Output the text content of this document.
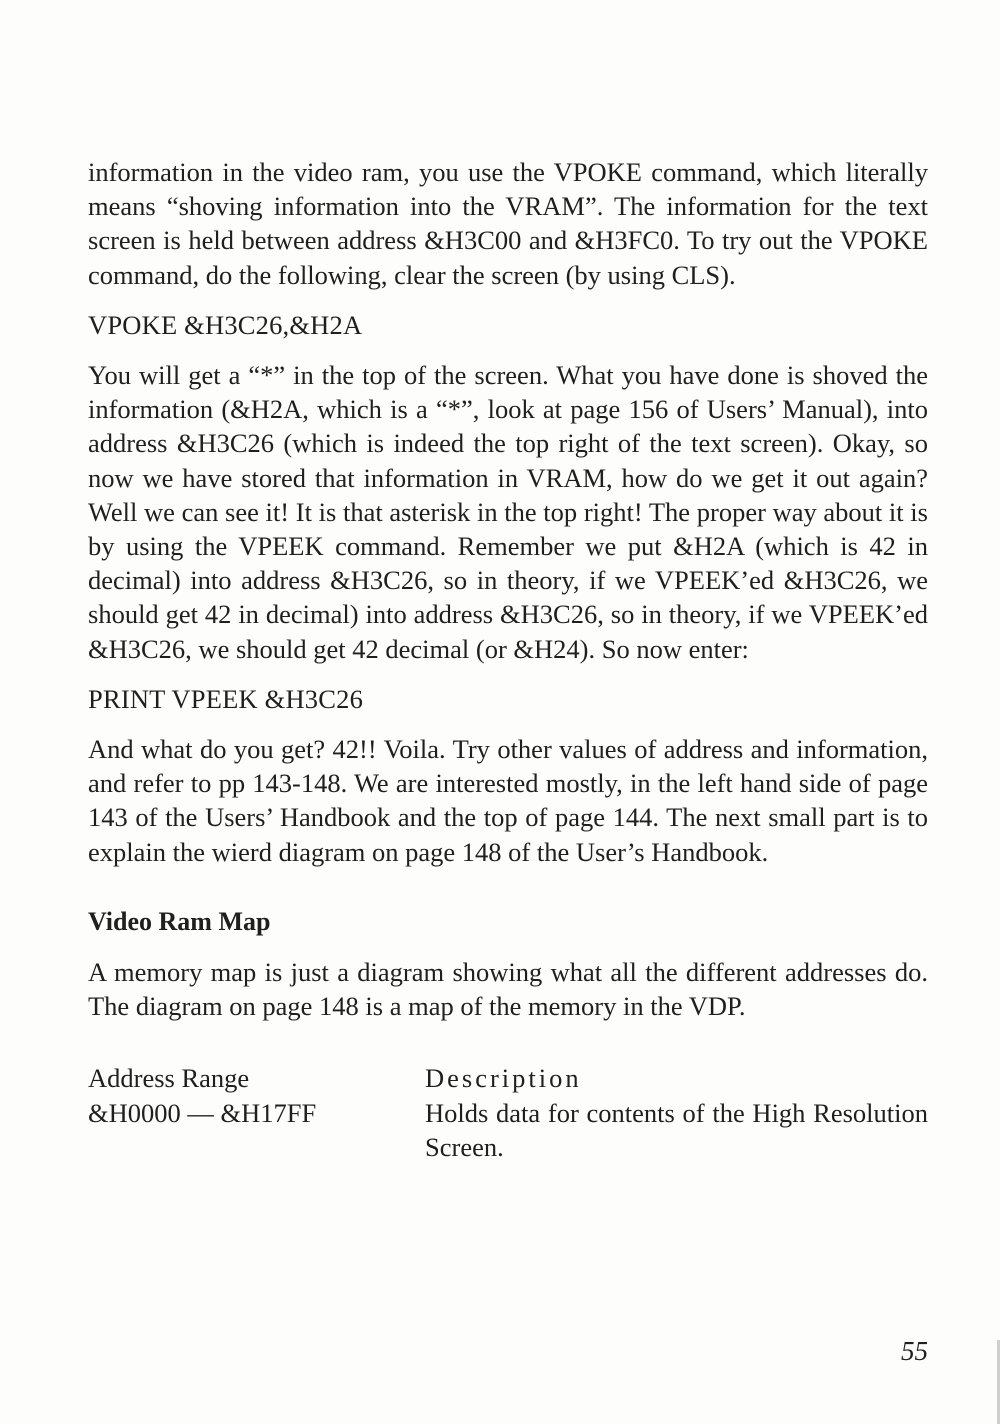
information in the video ram, you use the VPOKE command, which literally means “shoving information into the VRAM”. The information for the text screen is held between address &H3C00 and &H3FC0. To try out the VPOKE command, do the following, clear the screen (by using CLS).

VPOKE &H3C26,&H2A

You will get a “*” in the top of the screen. What you have done is shoved the information (&H2A, which is a “*”, look at page 156 of Users’ Manual), into address &H3C26 (which is indeed the top right of the text screen). Okay, so now we have stored that information in VRAM, how do we get it out again? Well we can see it! It is that asterisk in the top right! The proper way about it is by using the VPEEK command. Remember we put &H2A (which is 42 in decimal) into address &H3C26, so in theory, if we VPEEK’ed &H3C26, we should get 42 in decimal) into address &H3C26, so in theory, if we VPEEK’ed &H3C26, we should get 42 decimal (or &H24). So now enter:

PRINT VPEEK &H3C26

And what do you get? 42!! Voila. Try other values of address and information, and refer to pp 143-148. We are interested mostly, in the left hand side of page 143 of the Users’ Handbook and the top of page 144. The next small part is to explain the wierd diagram on page 148 of the User’s Handbook.

Video Ram Map

A memory map is just a diagram showing what all the different addresses do. The diagram on page 148 is a map of the memory in the VDP.

Address Range	Description
&H0000 — &H17FF	Holds data for contents of the High Resolution Screen.
55
